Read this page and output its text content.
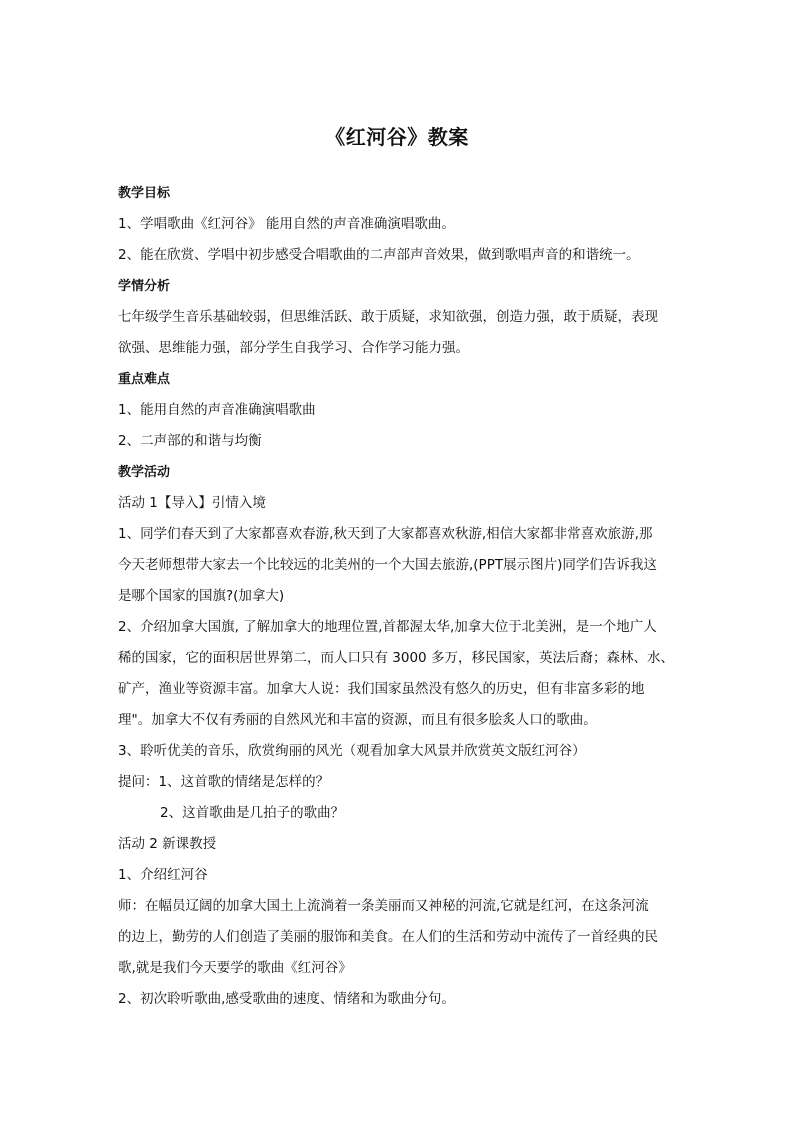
《红河谷》教案
教学目标
1、学唱歌曲《红河谷》 能用自然的声音准确演唱歌曲。
2、能在欣赏、学唱中初步感受合唱歌曲的二声部声音效果，做到歌唱声音的和谐统一。
学情分析
七年级学生音乐基础较弱，但思维活跃、敢于质疑，求知欲强，创造力强，敢于质疑，表现
欲强、思维能力强，部分学生自我学习、合作学习能力强。
重点难点
1、能用自然的声音准确演唱歌曲
2、二声部的和谐与均衡
教学活动
活动 1【导入】引情入境
1、同学们春天到了大家都喜欢春游,秋天到了大家都喜欢秋游,相信大家都非常喜欢旅游,那
今天老师想带大家去一个比较远的北美州的一个大国去旅游,(PPT展示图片)同学们告诉我这
是哪个国家的国旗?(加拿大)
2、介绍加拿大国旗, 了解加拿大的地理位置,首都渥太华,加拿大位于北美洲，是一个地广人
稀的国家，它的面积居世界第二，而人口只有 3000 多万，移民国家，英法后裔；森林、水、
矿产，渔业等资源丰富。加拿大人说：我们国家虽然没有悠久的历史，但有非富多彩的地
理"。加拿大不仅有秀丽的自然风光和丰富的资源，而且有很多脍炙人口的歌曲。
3、聆听优美的音乐，欣赏绚丽的风光（观看加拿大风景并欣赏英文版红河谷）
提问：1、这首歌的情绪是怎样的？
2、这首歌曲是几拍子的歌曲？
活动 2 新课教授
1、介绍红河谷
师：在幅员辽阔的加拿大国土上流淌着一条美丽而又神秘的河流,它就是红河，在这条河流
的边上，勤劳的人们创造了美丽的服饰和美食。在人们的生活和劳动中流传了一首经典的民
歌,就是我们今天要学的歌曲《红河谷》
2、初次聆听歌曲,感受歌曲的速度、情绪和为歌曲分句。
